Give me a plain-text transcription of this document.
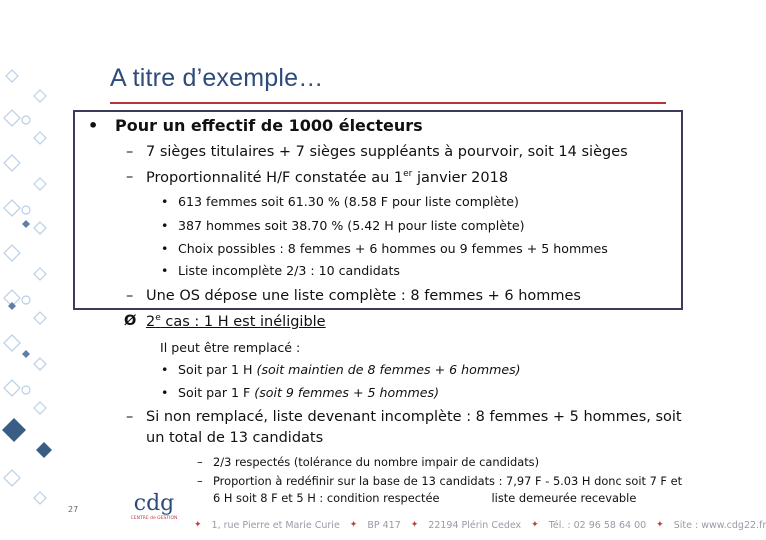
A titre d’exemple…
• Pour un effectif de 1000 électeurs
– 7 sièges titulaires + 7 sièges suppléants à pourvoir, soit 14 sièges
– Proportionnalité H/F constatée au 1er janvier 2018
• 613 femmes soit 61.30 % (8.58 F pour liste complète)
• 387 hommes soit 38.70 % (5.42 H pour liste complète)
• Choix possibles : 8 femmes + 6 hommes ou 9 femmes + 5 hommes
• Liste incomplète 2/3 : 10 candidats
– Une OS dépose une liste complète : 8 femmes + 6 hommes
Ø 2e cas : 1 H est inéligible
Il peut être remplacé :
• Soit par 1 H (soit maintien de 8 femmes + 6 hommes)
• Soit par 1 F (soit 9 femmes + 5 hommes)
– Si non remplacé, liste devenant incomplète : 8 femmes + 5 hommes, soit
un total de 13 candidats
– 2/3 respectés (tolérance du nombre impair de candidats)
– Proportion à redéfinir sur la base de 13 candidats : 7,97 F - 5.03 H donc soit 7 F et
6 H soit 8 F et 5 H : condition respectée	liste demeurée recevable
27	cdg
CENTRE de GESTION
✦ 1, rue Pierre et Marie Curie ✦ BP 417 ✦ 22194 Plérin Cedex ✦ Tél. : 02 96 58 64 00 ✦ Site : www.cdg22.fr
